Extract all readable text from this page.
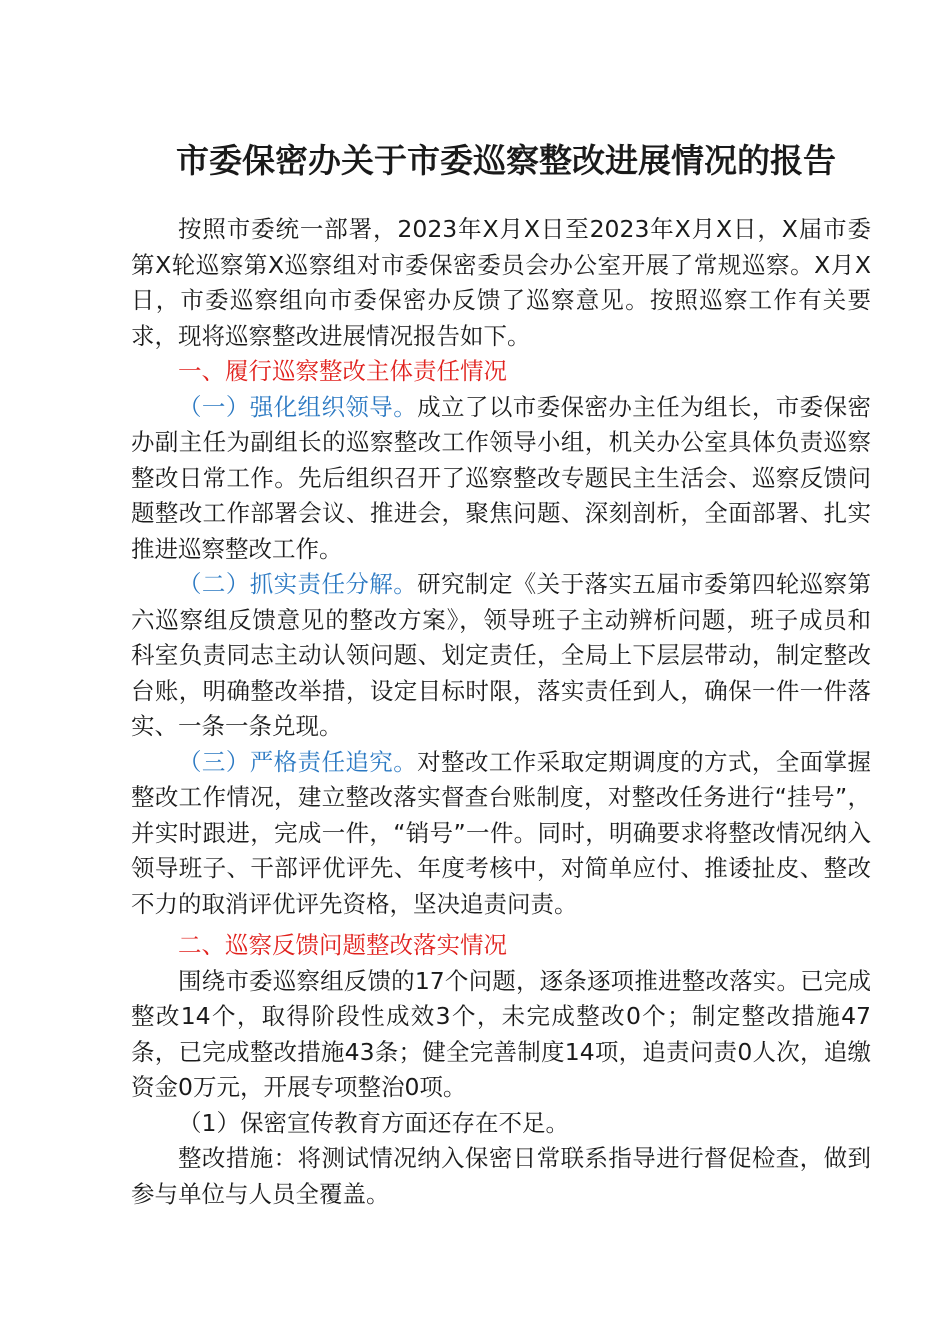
市委保密办关于市委巡察整改进展情况的报告

按照市委统一部署，2023年X月X日至2023年X月X日，X届市委第X轮巡察第X巡察组对市委保密委员会办公室开展了常规巡察。X月X日，市委巡察组向市委保密办反馈了巡察意见。按照巡察工作有关要求，现将巡察整改进展情况报告如下。

一、履行巡察整改主体责任情况

（一）强化组织领导。成立了以市委保密办主任为组长，市委保密办副主任为副组长的巡察整改工作领导小组，机关办公室具体负责巡察整改日常工作。先后组织召开了巡察整改专题民主生活会、巡察反馈问题整改工作部署会议、推进会，聚焦问题、深刻剖析，全面部署、扎实推进巡察整改工作。

（二）抓实责任分解。研究制定《关于落实五届市委第四轮巡察第六巡察组反馈意见的整改方案》，领导班子主动辨析问题，班子成员和科室负责同志主动认领问题、划定责任，全局上下层层带动，制定整改台账，明确整改举措，设定目标时限，落实责任到人，确保一件一件落实、一条一条兑现。

（三）严格责任追究。对整改工作采取定期调度的方式，全面掌握整改工作情况，建立整改落实督查台账制度，对整改任务进行“挂号”，并实时跟进，完成一件，“销号”一件。同时，明确要求将整改情况纳入领导班子、干部评优评先、年度考核中，对简单应付、推诿扯皮、整改不力的取消评优评先资格，坚决追责问责。

二、巡察反馈问题整改落实情况

围绕市委巡察组反馈的17个问题，逐条逐项推进整改落实。已完成整改14个，取得阶段性成效3个，未完成整改0个；制定整改措施47条，已完成整改措施43条；健全完善制度14项，追责问责0人次，追缴资金0万元，开展专项整治0项。

（1）保密宣传教育方面还存在不足。

整改措施：将测试情况纳入保密日常联系指导进行督促检查，做到参与单位与人员全覆盖。
